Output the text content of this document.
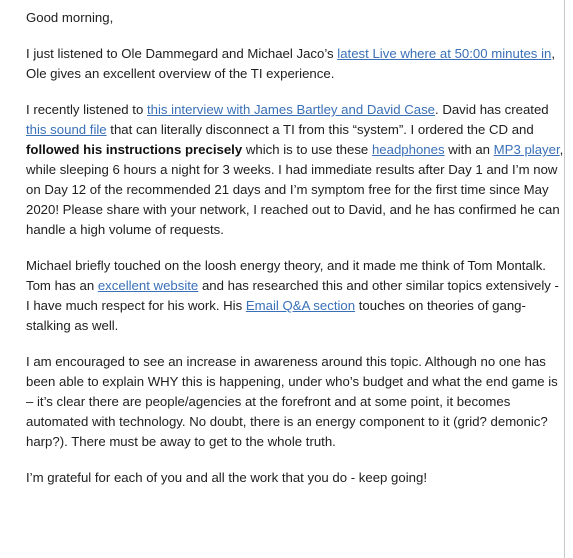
Good morning,

I just listened to Ole Dammegard and Michael Jaco’s latest Live where at 50:00 minutes in, Ole gives an excellent overview of the TI experience.

I recently listened to this interview with James Bartley and David Case. David has created this sound file that can literally disconnect a TI from this “system”. I ordered the CD and followed his instructions precisely which is to use these headphones with an MP3 player, while sleeping 6 hours a night for 3 weeks. I had immediate results after Day 1 and I’m now on Day 12 of the recommended 21 days and I’m symptom free for the first time since May 2020! Please share with your network, I reached out to David, and he has confirmed he can handle a high volume of requests.

Michael briefly touched on the loosh energy theory, and it made me think of Tom Montalk. Tom has an excellent website and has researched this and other similar topics extensively - I have much respect for his work. His Email Q&A section touches on theories of gang-stalking as well.

I am encouraged to see an increase in awareness around this topic. Although no one has been able to explain WHY this is happening, under who’s budget and what the end game is – it’s clear there are people/agencies at the forefront and at some point, it becomes automated with technology. No doubt, there is an energy component to it (grid? demonic? harp?). There must be away to get to the whole truth.

I’m grateful for each of you and all the work that you do - keep going!
